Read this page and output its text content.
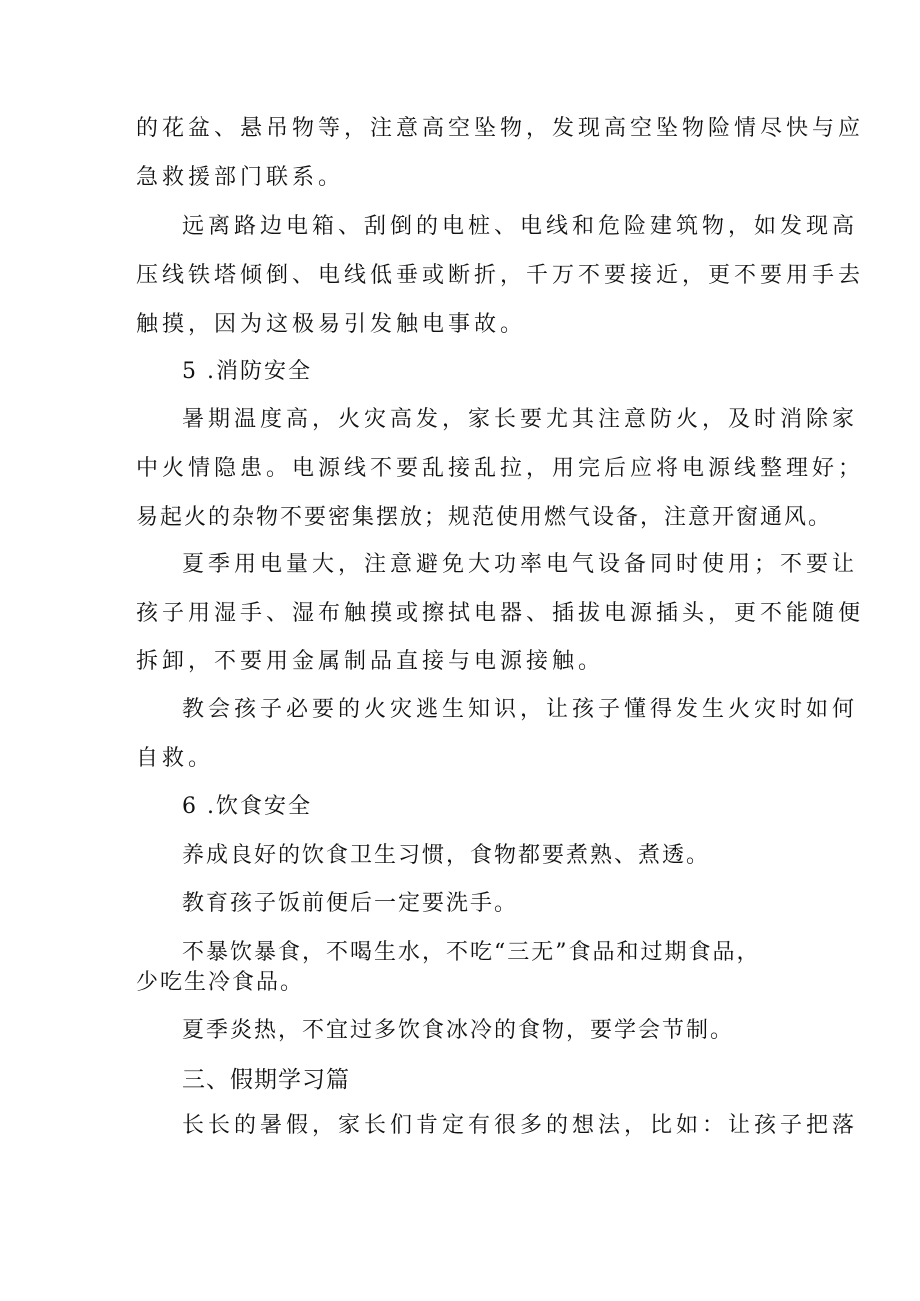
的花盆、悬吊物等，注意高空坠物，发现高空坠物险情尽快与应
急救援部门联系。
远离路边电箱、刮倒的电桩、电线和危险建筑物，如发现高
压线铁塔倾倒、电线低垂或断折，千万不要接近，更不要用手去
触摸，因为这极易引发触电事故。
5 .消防安全
暑期温度高，火灾高发，家长要尤其注意防火，及时消除家
中火情隐患。电源线不要乱接乱拉，用完后应将电源线整理好；
易起火的杂物不要密集摆放；规范使用燃气设备，注意开窗通风。
夏季用电量大，注意避免大功率电气设备同时使用；不要让
孩子用湿手、湿布触摸或擦拭电器、插拔电源插头，更不能随便
拆卸，不要用金属制品直接与电源接触。
教会孩子必要的火灾逃生知识，让孩子懂得发生火灾时如何
自救。
6 .饮食安全
养成良好的饮食卫生习惯，食物都要煮熟、煮透。
教育孩子饭前便后一定要洗手。
不暴饮暴食，不喝生水，不吃“三无”食品和过期食品，
少吃生冷食品。
夏季炎热，不宜过多饮食冰冷的食物，要学会节制。
三、假期学习篇
长长的暑假，家长们肯定有很多的想法，比如：让孩子把落
